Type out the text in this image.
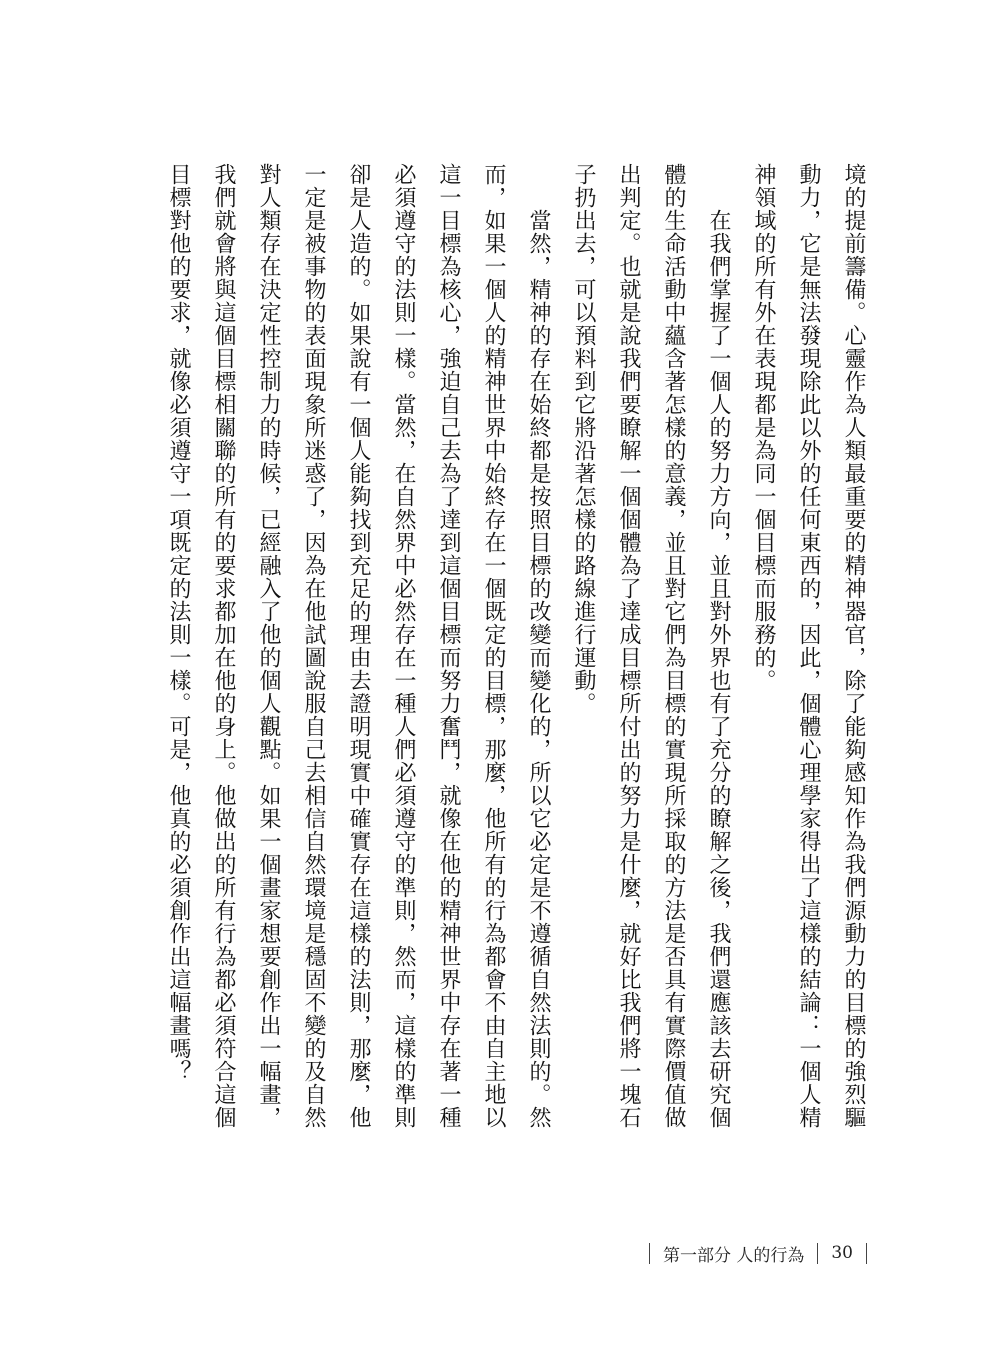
境的提前籌備。心靈作為人類最重要的精神器官，除了能夠感知作為我們源動力的目標的強烈驅
動力，它是無法發現除此以外的任何東西的，因此，個體心理學家得出了這樣的結論：一個人精
神領域的所有外在表現都是為同一個目標而服務的。
在我們掌握了一個人的努力方向，並且對外界也有了充分的瞭解之後，我們還應該去研究個
體的生命活動中蘊含著怎樣的意義，並且對它們為目標的實現所採取的方法是否具有實際價值做
出判定。也就是說我們要瞭解一個個體為了達成目標所付出的努力是什麼，就好比我們將一塊石
子扔出去，可以預料到它將沿著怎樣的路線進行運動。
當然，精神的存在始終都是按照目標的改變而變化的，所以它必定是不遵循自然法則的。然
而，如果一個人的精神世界中始終存在一個既定的目標，那麼，他所有的行為都會不由自主地以
這一目標為核心，強迫自己去為了達到這個目標而努力奮鬥，就像在他的精神世界中存在著一種
必須遵守的法則一樣。當然，在自然界中必然存在一種人們必須遵守的準則，然而，這樣的準則
卻是人造的。如果說有一個人能夠找到充足的理由去證明現實中確實存在這樣的法則，那麼，他
一定是被事物的表面現象所迷惑了，因為在他試圖說服自己去相信自然環境是穩固不變的及自然
對人類存在決定性控制力的時候，已經融入了他的個人觀點。如果一個畫家想要創作出一幅畫，
我們就會將與這個目標相關聯的所有的要求都加在他的身上。他做出的所有行為都必須符合這個
目標對他的要求，就像必須遵守一項既定的法則一樣。可是，他真的必須創作出這幅畫嗎？
第一部分 人的行為 30
